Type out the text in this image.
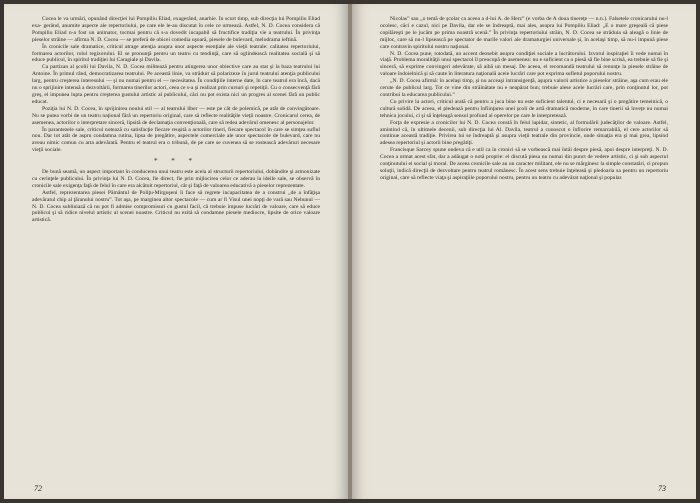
Cocea le va urmări, opunând direcţiei lui Pompiliu Eliad, exagerând, anarhie. În scurt timp, sub direcţia lui Pompiliu Eliad exa- gerând, anumite aspecte ale repertoriului, pe care ele le-au discutat în cele ce urmează. Astfel, N. D. Cocea considera că Pompiliu Eliad n-a fost un animator, tocmai pentru că s-a dovedit incapabil să fructifice tradiţia vie a teatrului. În privinţa pieselor străine — afirma N. D. Cocea — se preferă de obicei comedia uşoară, piesele de bulevard, melodrama ieftină.

În cronicile sale dramatice, criticul atrage atenţia asupra unor aspecte esenţiale ale vieţii teatrale: calitatea repertoriului, formarea actorilor, rolul regizorului. El se pronunţă pentru un teatru cu tendinţă, care să oglindească realitatea socială şi să educe publicul, în spiritul tradiţiei lui Caragiale şi Davila.

Ca partizan al şcolii lui Davila, N. D. Cocea militează pentru atingerea unor obiective care au stat şi la baza teatrului lui Antoine. În primul rând, democratizarea teatrului. Pe această linie, va străduit să polarizeze în jurul teatrului atenţia publicului larg, pentru creşterea interesului — şi nu numai pentru el — necesitatea. În condiţiile interne date, în care teatrul era încă, dacă nu o sprijinire intensă a dezvoltării, formarea tinerilor actori, ceea ce s-a şi realizat prin cursuri şi repetiţii. Cu o consecvenţă fără greş, el impunea lupta pentru creşterea gustului artistic al publicului, căci nu pot exista nici un progres al scenei fără un public educat.

Poziţia lui N. D. Cocea, în sprijinirea noului stil — al teatrului liber — este pe cât de polemică, pe atât de convingătoare. Nu se putea vorbi de un teatru naţional fără un repertoriu original, care să reflecte realităţile vieţii noastre. Cronicarul cerea, de asemenea, actorilor o interpretare sinceră, lipsită de declamaţia convenţională, care să redea adevărul omenesc al personajelor.

În parantezele sale, criticul notează cu satisfacţie fiecare reuşită a actorilor tineri, fiecare spectacol în care se simţea suflul nou. Dar tot atât de aspru condamna rutina, lipsa de pregătire, aspectele comerciale ale unor spectacole de bulevard, care nu aveau nimic comun cu arta adevărată. Pentru el teatrul era o tribună, de pe care se cuvenea să se rostească adevăruri necesare vieţii sociale.

* * *

De bună seamă, un aspect important în conducerea unui teatru este acela al structurii repertoriului, dobândite şi armonizate cu cerinţele publicului. În privinţa lui N. D. Cocea, fie direct, fie prin mijlocirea celor ce aderau la ideile sale, se observă în cronicile sale exigenţa faţă de felul în care era alcătuit repertoriul, cât şi faţă de valoarea educativă a pieselor reprezentate.

Astfel, reprezentarea piesei Pământul de Poliţu-Mirguşeni îi face să regrete incapacitatea de a construi „de a înfăţişa adevăratul chip al ţăranului nostru”. Tot aşa, pe marginea altor spectacole — cum ar fi Visul unei nopţi de vară sau Nebunul — N. D. Cocea subliniază că nu pot fi admise compromisuri cu gustul facil, că trebuie impuse lucrări de valoare, care să educe publicul şi să ridice nivelul artistic al scenei noastre. Criticul nu ezită să condamne piesele mediocre, lipsite de orice valoare artistică.

72

Nicolas” sau „o temă de şcolar ca aceea a d-lui A. de Herz” (e vorba de A doua tinereţe — n.n.). Falsetele cronicarului nu-l ocolesc, căci e cazul, nici pe Davila, dar ele se îndreaptă, mai ales, asupra lui Pompiliu Eliad: „E o mare greşeală că piese copilăreşti pe le jucăm pe prima noastră scenă.” În privinţa repertoriului străin, N. D. Cocea se străduia să aleagă o linie de mijloc, care să nu-l lipsească pe spectator de marile valori ale dramaturgiei universale şi, în acelaşi timp, să nu-i impună piese care contravin spiritului nostru naţional.

N. D. Cocea pune, totodată, un accent deosebit asupra condiţiei sociale a lucrătorului. Izvorul inspiraţiei îi vede numai în viaţă. Problema moralităţii unui spectacol îl preocupă de asemenea: nu e suficient ca o piesă să fie bine scrisă, ea trebuie să fie şi sinceră, să exprime convingeri adevărate, să aibă un mesaj. De aceea, el recomandă teatrului să renunţe la piesele străine de valoare îndoielnică şi să caute în literatura naţională acele lucrări care pot exprima sufletul poporului nostru.

„N. D. Cocea afirmă: în acelaşi timp, şi nu acceaşi intransigenţă, aşupra valorii artistice a pieselor străine, aşa cum erau ele cerute de publicul larg. Tot ce vine din străinătate nu e neapărat bun; trebuie alese acele lucrări care, prin conţinutul lor, pot contribui la educarea publicului.”

Cu privire la actori, criticul arată că pentru a juca bine nu este suficient talentul, ci e necesară şi o pregătire temeinică, o cultură solidă. De aceea, el pledează pentru înfiinţarea unei şcoli de artă dramatică moderne, în care tinerii să înveţe nu numai tehnica jocului, ci şi să înţeleagă sensul profund al operelor pe care le interpretează.

Forţa de expresie a cronicilor lui N. D. Cocea constă în felul lapidar, sintetic, al formulării judecăţilor de valoare. Astfel, amintind că, în ultimele decenii, sub direcţia lui Al. Davila, teatrul a cunoscut o înflorire remarcabilă, el cere actorilor să continue această tradiţie. Privirea lui se îndreaptă şi asupra vieţii teatrale din provincie, unde situaţia era şi mai grea, lipsind adesea repertoriul şi actorii bine pregătiţi.

Francisque Sarcey spune undeva că e util ca în cronici să se vorbească mai întâi despre piesă, apoi despre interpreţi. N. D. Cocea a urmat acest sfat, dar a adăugat o notă proprie: el discută piesa nu numai din punct de vedere artistic, ci şi sub aspectul conţinutului ei social şi moral. De aceea cronicile sale au un caracter militant, ele nu se mărginesc la simple constatări, ci propun soluţii, indică direcţii de dezvoltare pentru teatrul românesc. În acest sens trebuie înţeleasă şi pledoaria sa pentru un repertoriu original, care să reflecte viaţa şi aspiraţiile poporului nostru, pentru un teatru cu adevărat naţional şi popular.

73
